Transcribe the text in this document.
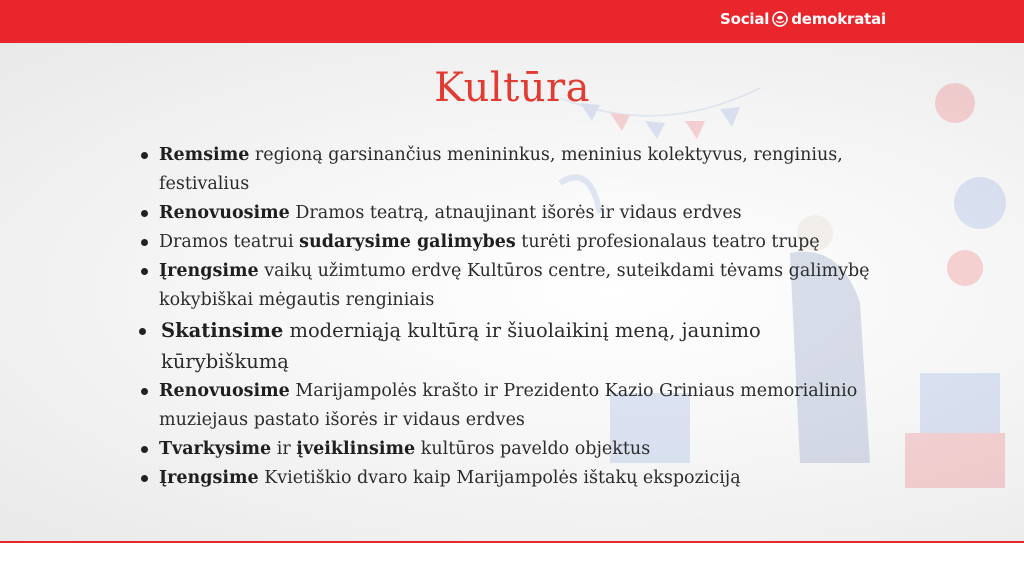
Social demokratai
Kultūra
Remsime regioną garsinančius menininkus, meninius kolektyvus, renginius,
festivalius
Renovuosime Dramos teatrą, atnaujinant išorės ir vidaus erdves
Dramos teatrui sudarysime galimybes turėti profesionalaus teatro trupę
Įrengsime vaikų užimtumo erdvę Kultūros centre, suteikdami tėvams galimybę
kokybiškai mėgautis renginiais
Skatinsime moderniąją kultūrą ir šiuolaikinį meną, jaunimo
kūrybiškumą
Renovuosime Marijampolės krašto ir Prezidento Kazio Griniaus memorialinio
muziejaus pastato išorės ir vidaus erdves
Tvarkysime ir įveiklinsime kultūros paveldo objektus
Įrengsime Kvietiškio dvaro kaip Marijampolės ištakų ekspoziciją
